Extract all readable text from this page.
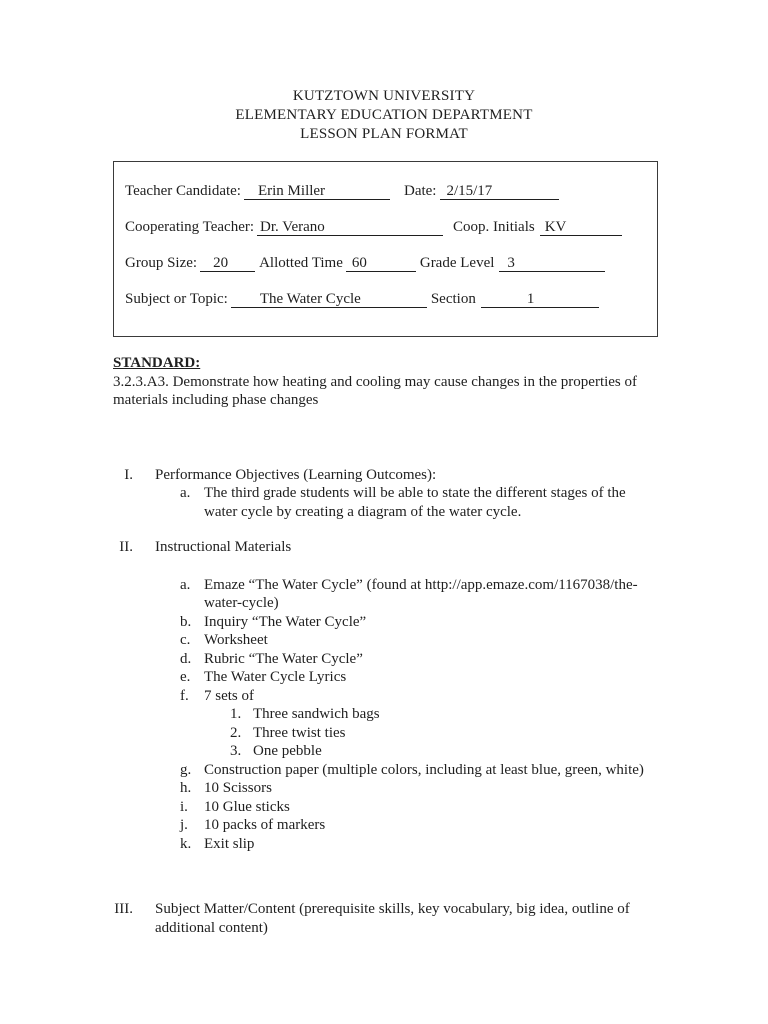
KUTZTOWN UNIVERSITY
ELEMENTARY EDUCATION DEPARTMENT
LESSON PLAN FORMAT
Teacher Candidate:	Erin Miller	Date: 2/15/17
Cooperating Teacher: Dr. Verano	Coop. Initials KV
Group Size:	20	Allotted Time 60	Grade Level 3
Subject or Topic:	The Water Cycle	Section	1
STANDARD:
3.2.3.A3. Demonstrate how heating and cooling may cause changes in the properties of materials including phase changes
I. Performance Objectives (Learning Outcomes):
a. The third grade students will be able to state the different stages of the water cycle by creating a diagram of the water cycle.
II. Instructional Materials
a. Emaze “The Water Cycle” (found at http://app.emaze.com/1167038/the-water-cycle)
b. Inquiry “The Water Cycle”
c. Worksheet
d. Rubric “The Water Cycle”
e. The Water Cycle Lyrics
f.	7 sets of
1. Three sandwich bags
2. Three twist ties
3. One pebble
g. Construction paper (multiple colors, including at least blue, green, white)
h. 10 Scissors
i.	10 Glue sticks
j.	10 packs of markers
k. Exit slip
III. Subject Matter/Content (prerequisite skills, key vocabulary, big idea, outline of additional content)
